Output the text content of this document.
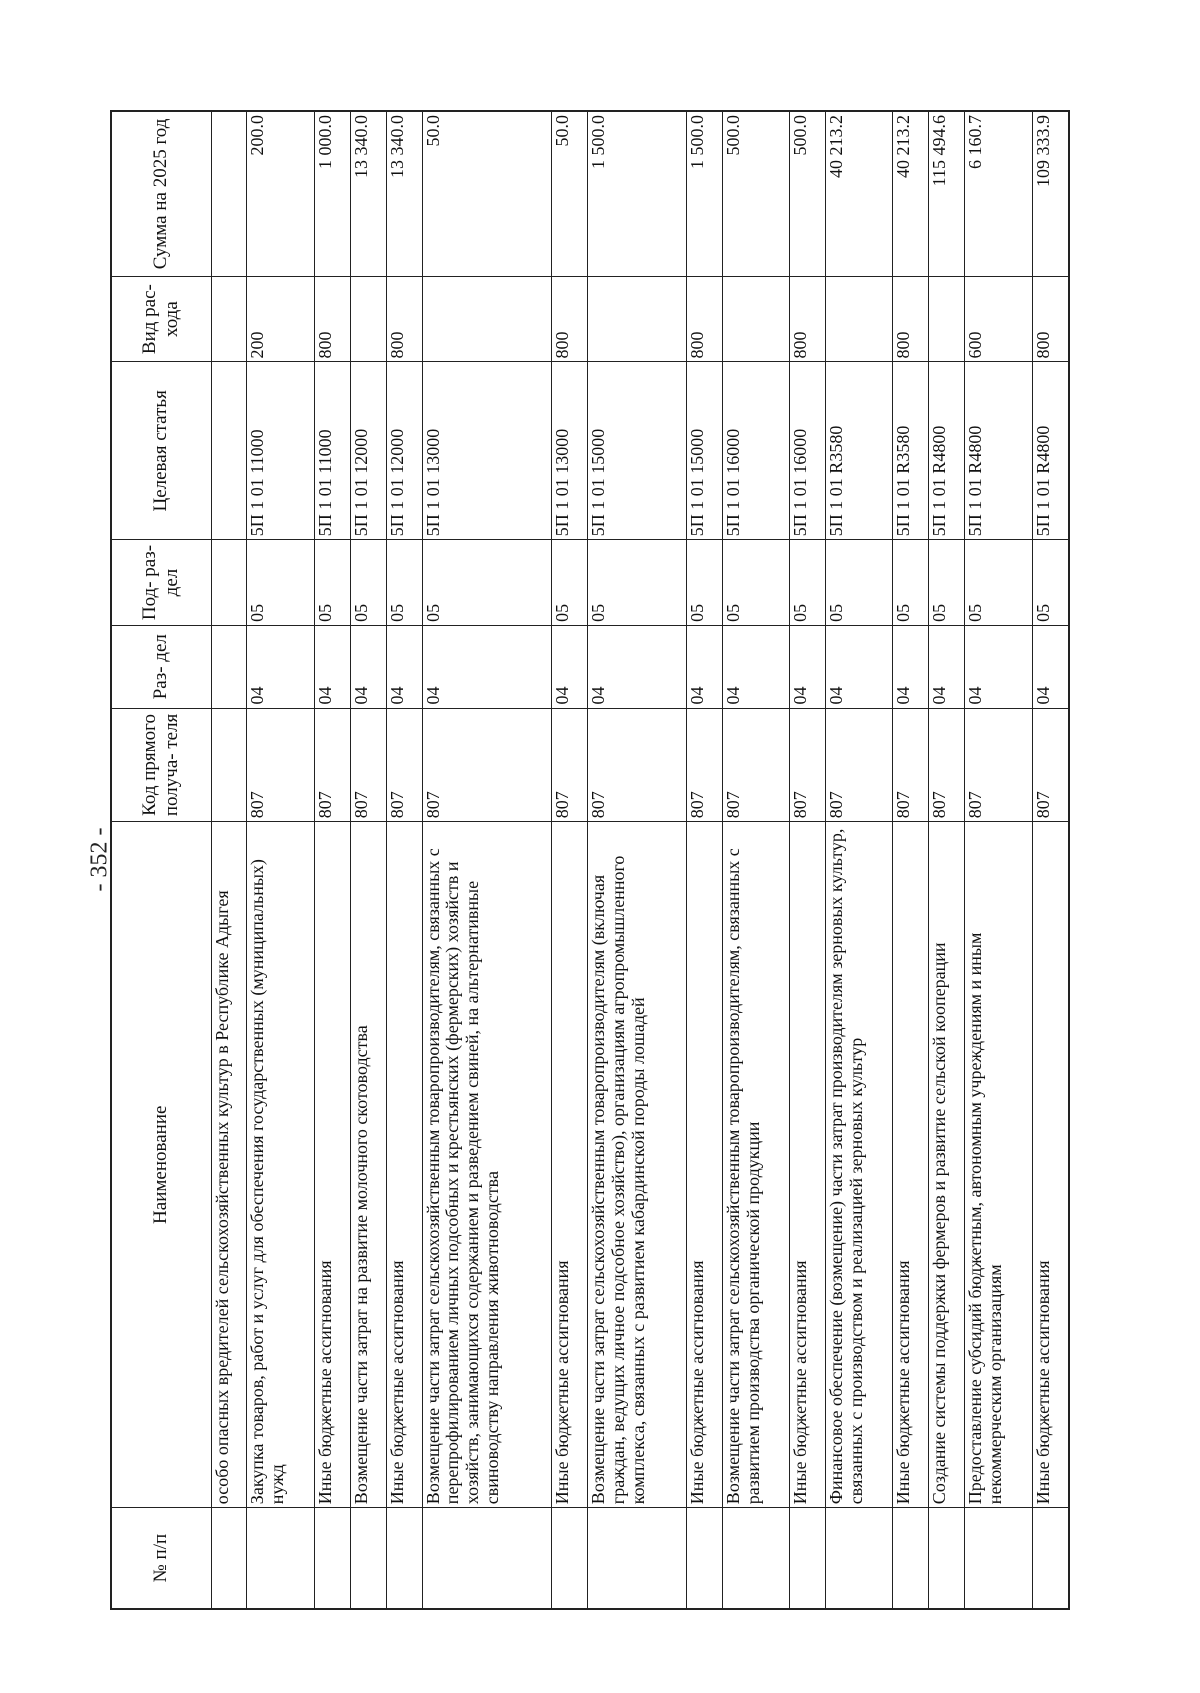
- 352 -
№ п/п	Наименование	Код прямого получа- теля	Раз- дел	Под- раз- дел	Целевая статья	Вид рас- хода	Сумма на 2025 год
	особо опасных вредителей сельскохозяйственных культур в Республике Адыгея						
	Закупка товаров, работ и услуг для обеспечения государственных (муниципальных) нужд	807	04	05	5П 1 01 11000	200	200.0
	Иные бюджетные ассигнования	807	04	05	5П 1 01 11000	800	1 000.0
	Возмещение части затрат на развитие молочного скотоводства	807	04	05	5П 1 01 12000		13 340.0
	Иные бюджетные ассигнования	807	04	05	5П 1 01 12000	800	13 340.0
	Возмещение части затрат сельскохозяйственным товаропроизводителям, связанных с перепрофилированием личных подсобных и крестьянских (фермерских) хозяйств и хозяйств, занимающихся содержанием и разведением свиней, на альтернативные свиноводству направления животноводства	807	04	05	5П 1 01 13000		50.0
	Иные бюджетные ассигнования	807	04	05	5П 1 01 13000	800	50.0
	Возмещение части затрат сельскохозяйственным товаропроизводителям (включая граждан, ведущих личное подсобное хозяйство), организациям агропромышленного комплекса, связанных с развитием кабардинской породы лошадей	807	04	05	5П 1 01 15000		1 500.0
	Иные бюджетные ассигнования	807	04	05	5П 1 01 15000	800	1 500.0
	Возмещение части затрат сельскохозяйственным товаропроизводителям, связанных с развитием производства органической продукции	807	04	05	5П 1 01 16000		500.0
	Иные бюджетные ассигнования	807	04	05	5П 1 01 16000	800	500.0
	Финансовое обеспечение (возмещение) части затрат производителям зерновых культур, связанных с производством и реализацией зерновых культур	807	04	05	5П 1 01 R3580		40 213.2
	Иные бюджетные ассигнования	807	04	05	5П 1 01 R3580	800	40 213.2
	Создание системы поддержки фермеров и развитие сельской кооперации	807	04	05	5П 1 01 R4800		115 494.6
	Предоставление субсидий бюджетным, автономным учреждениям и иным некоммерческим организациям	807	04	05	5П 1 01 R4800	600	6 160.7
	Иные бюджетные ассигнования	807	04	05	5П 1 01 R4800	800	109 333.9
